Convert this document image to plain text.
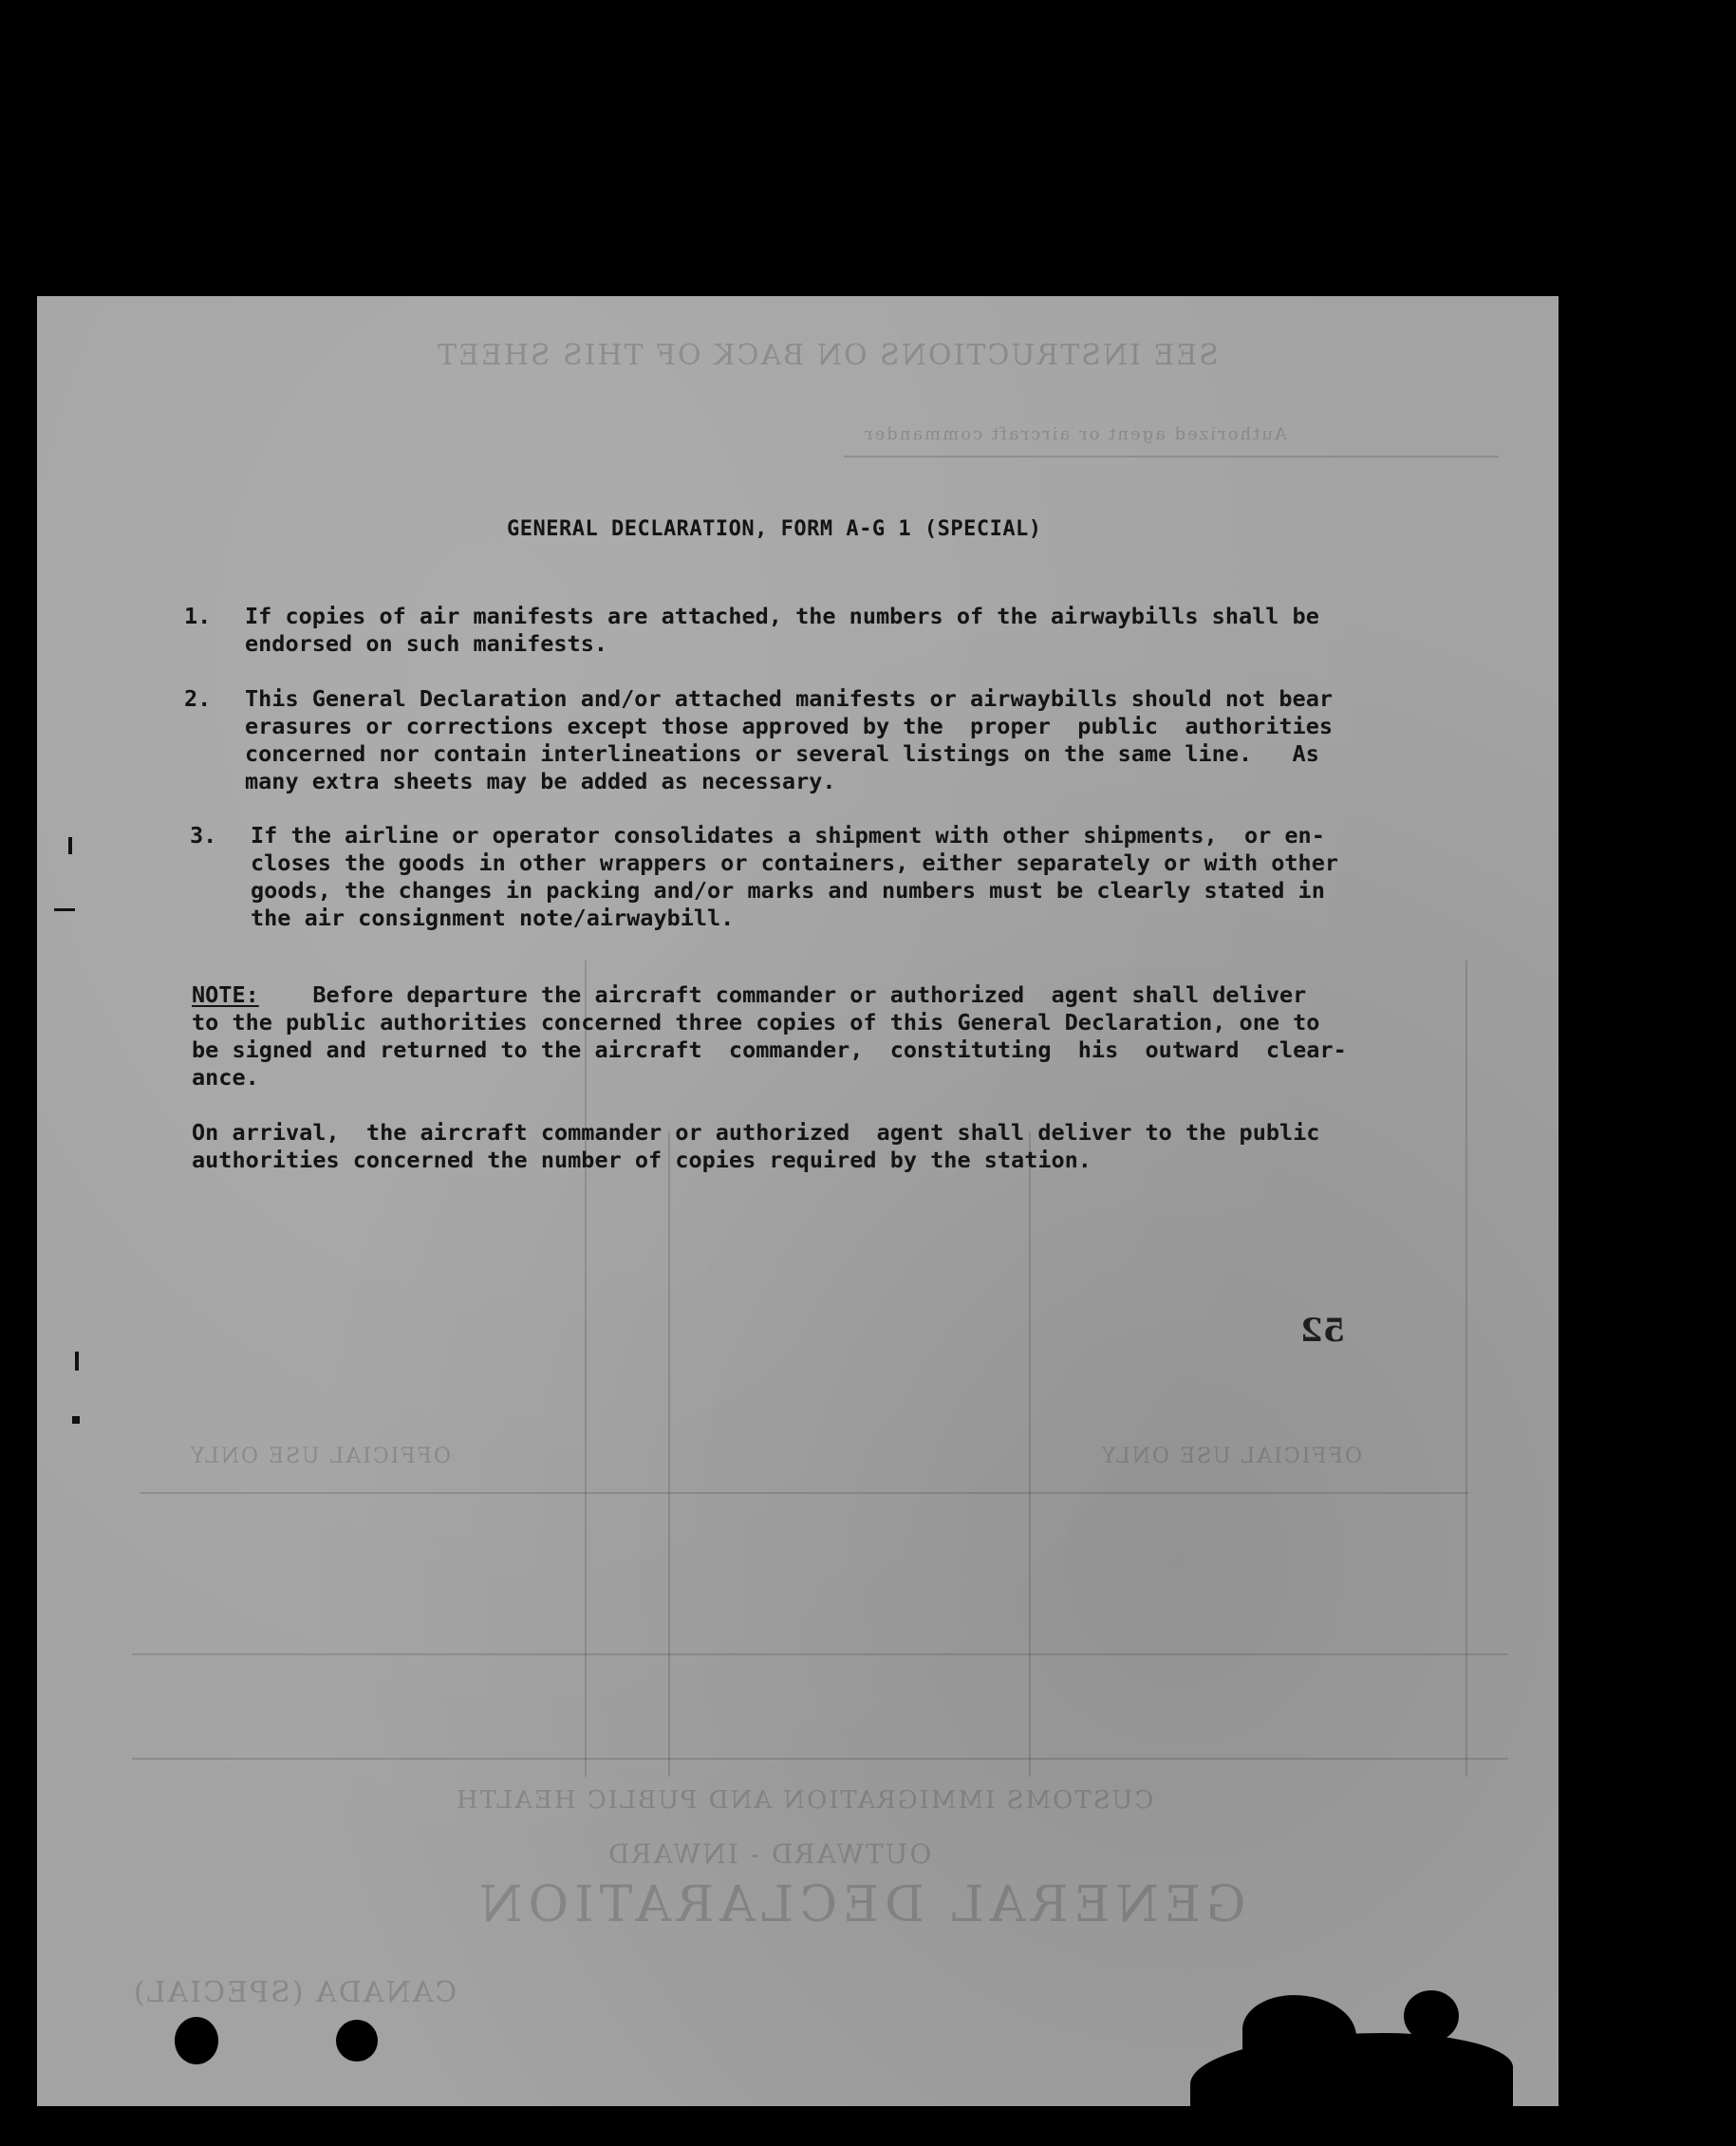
SEE INSTRUCTIONS ON BACK OF THIS SHEET
Authorized agent or aircraft commander
OFFICIAL USE ONLY	OFFICIAL USE ONLY
CUSTOMS IMMIGRATION AND PUBLIC HEALTH
OUTWARD - INWARD
GENERAL DECLARATION
CANADA (SPECIAL)
GENERAL DECLARATION, FORM A-G 1 (SPECIAL)
1. If copies of air manifests are attached, the numbers of the airwaybills shall be
endorsed on such manifests.
2. This General Declaration and/or attached manifests or airwaybills should not bear
erasures or corrections except those approved by the  proper  public  authorities
concerned nor contain interlineations or several listings on the same line.   As
many extra sheets may be added as necessary.
3. If the airline or operator consolidates a shipment with other shipments,  or en-
closes the goods in other wrappers or containers, either separately or with other
goods, the changes in packing and/or marks and numbers must be clearly stated in
the air consignment note/airwaybill.
NOTE:    Before departure the aircraft commander or authorized  agent shall deliver
to the public authorities concerned three copies of this General Declaration, one to
be signed and returned to the aircraft  commander,  constituting  his  outward  clear-
ance.
On arrival,  the aircraft commander or authorized  agent shall deliver to the public
authorities concerned the number of copies required by the station.
52
